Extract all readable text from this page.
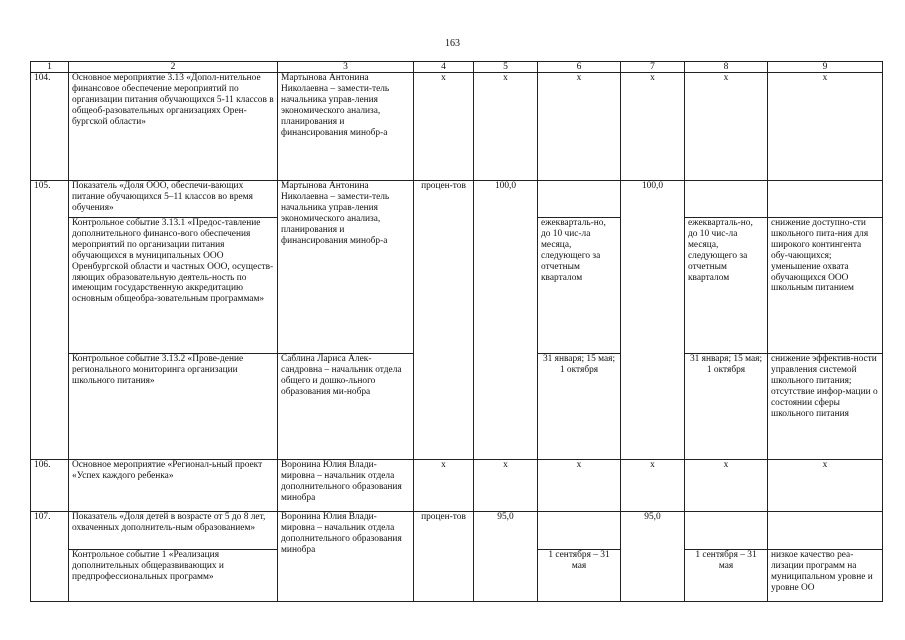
163
1	2	3	4	5	6	7	8	9
104.	Основное мероприятие 3.13 «Допол-нительное финансовое обеспечение мероприятий по организации питания обучающихся 5-11 классов в общеоб-разовательных организациях Орен-бургской области»	Мартынова Антонина Николаевна – замести-тель начальника управ-ления экономического анализа, планирования и финансирования минобр-а	х	х	х	х	х	х
105.	Показатель «Доля ООО, обеспечи-вающих питание обучающихся 5–11 классов во время обучения»	Мартынова Антонина Николаевна – замести-тель начальника управ-ления экономического анализа, планирования и финансирования минобр-а	процен-тов	100,0		100,0		
	Контрольное событие 3.13.1 «Предос-тавление дополнительного финансо-вого обеспечения мероприятий по организации питания обучающихся в муниципальных ООО Оренбургской области и частных ООО, осуществ-ляющих образовательную деятель-ность по имеющим государственную аккредитацию основным общеобра-зовательным программам»				ежекварталь-но, до 10 чис-ла месяца, следующего за отчетным кварталом		ежекварталь-но, до 10 чис-ла месяца, следующего за отчетным кварталом	снижение доступно-сти школьного пита-ния для широкого контингента обу-чающихся; уменьшение охвата обучающихся ООО школьным питанием
	Контрольное событие 3.13.2 «Прове-дение регионального мониторинга организации школьного питания»	Саблина Лариса Алек-сандровна – начальник отдела общего и дошко-льного образования ми-нобра			31 января; 15 мая; 1 октября		31 января; 15 мая; 1 октября	снижение эффектив-ности управления системой школьного питания; отсутствие инфор-мации о состоянии сферы школьного питания
106.	Основное мероприятие «Регионал-ьный проект «Успех каждого ребенка»	Воронина Юлия Влади-мировна – начальник отдела дополнительного образования минобра	х	х	х	х	х	х
107.	Показатель «Доля детей в возрасте от 5 до 8 лет, охваченных дополнитель-ным образованием»	Воронина Юлия Влади-мировна – начальник отдела дополнительного образования минобра	процен-тов	95,0		95,0		
	Контрольное событие 1 «Реализация дополнительных общеразвивающих и предпрофессиональных программ»				1 сентября – 31 мая		1 сентября – 31 мая	низкое качество реа-лизации программ на муниципальном уровне и уровне ОО
